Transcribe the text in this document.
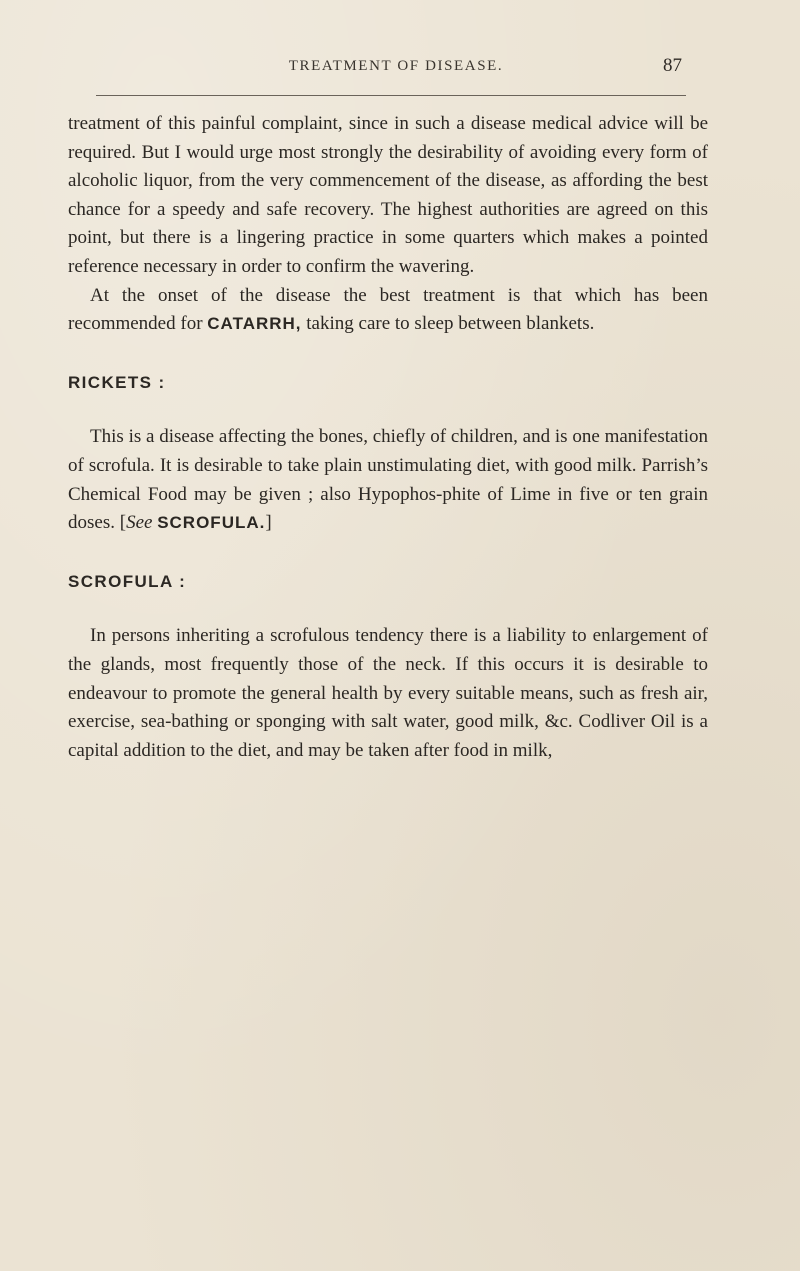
TREATMENT OF DISEASE.	87

treatment of this painful complaint, since in such a disease medical advice will be required. But I would urge most strongly the desirability of avoiding every form of alcoholic liquor, from the very commencement of the disease, as affording the best chance for a speedy and safe recovery. The highest authorities are agreed on this point, but there is a lingering practice in some quarters which makes a pointed reference necessary in order to confirm the wavering.

At the onset of the disease the best treatment is that which has been recommended for CATARRH, taking care to sleep between blankets.

RICKETS :

This is a disease affecting the bones, chiefly of children, and is one manifestation of scrofula. It is desirable to take plain unstimulating diet, with good milk. Parrish’s Chemical Food may be given ; also Hypophos-phite of Lime in five or ten grain doses. [See SCROFULA.]

SCROFULA :

In persons inheriting a scrofulous tendency there is a liability to enlargement of the glands, most frequently those of the neck. If this occurs it is desirable to endeavour to promote the general health by every suitable means, such as fresh air, exercise, sea-bathing or sponging with salt water, good milk, &c. Codliver Oil is a capital addition to the diet, and may be taken after food in milk,
